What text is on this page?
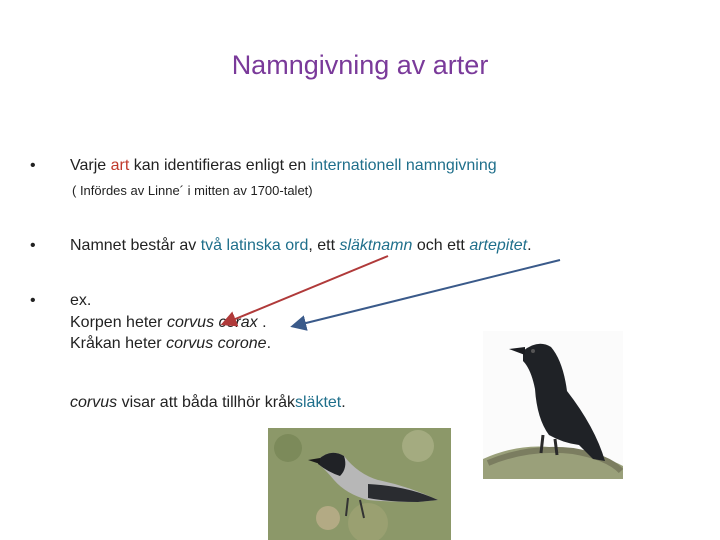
Namngivning av arter
• Varje art kan identifieras enligt en internationell namngivning
( Infördes av Linne´ i mitten av 1700-talet)
• Namnet består av två latinska ord, ett släktnamn och ett artepitet.
• ex.
Korpen heter corvus corax .
Kråkan heter corvus corone.
corvus visar att båda tillhör kråksläktet.
